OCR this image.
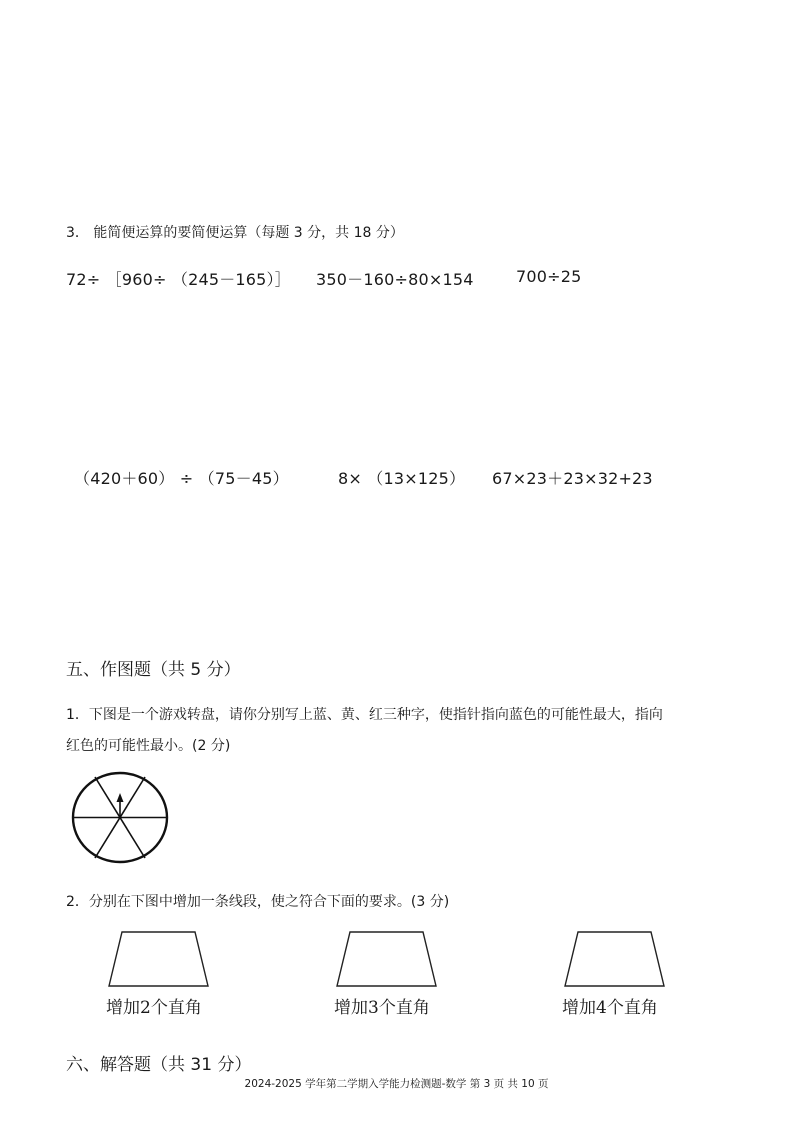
3． 能简便运算的要简便运算（每题 3 分，共 18 分）
72÷ ［960÷ （245－165）］ 350－160÷80×154	700÷25
（420＋60） ÷ （75－45）	8× （13×125） 67×23＋23×32+23
五、作图题（共 5 分）
1．下图是一个游戏转盘，请你分别写上蓝、黄、红三种字，使指针指向蓝色的可能性最大，指向
红色的可能性最小。(2 分)
2．分别在下图中增加一条线段，使之符合下面的要求。(3 分)
增加2个直角	增加3个直角	增加4个直角
六、解答题（共 31 分）
2024-2025 学年第二学期入学能力检测题-数学 第 3 页 共 10 页
